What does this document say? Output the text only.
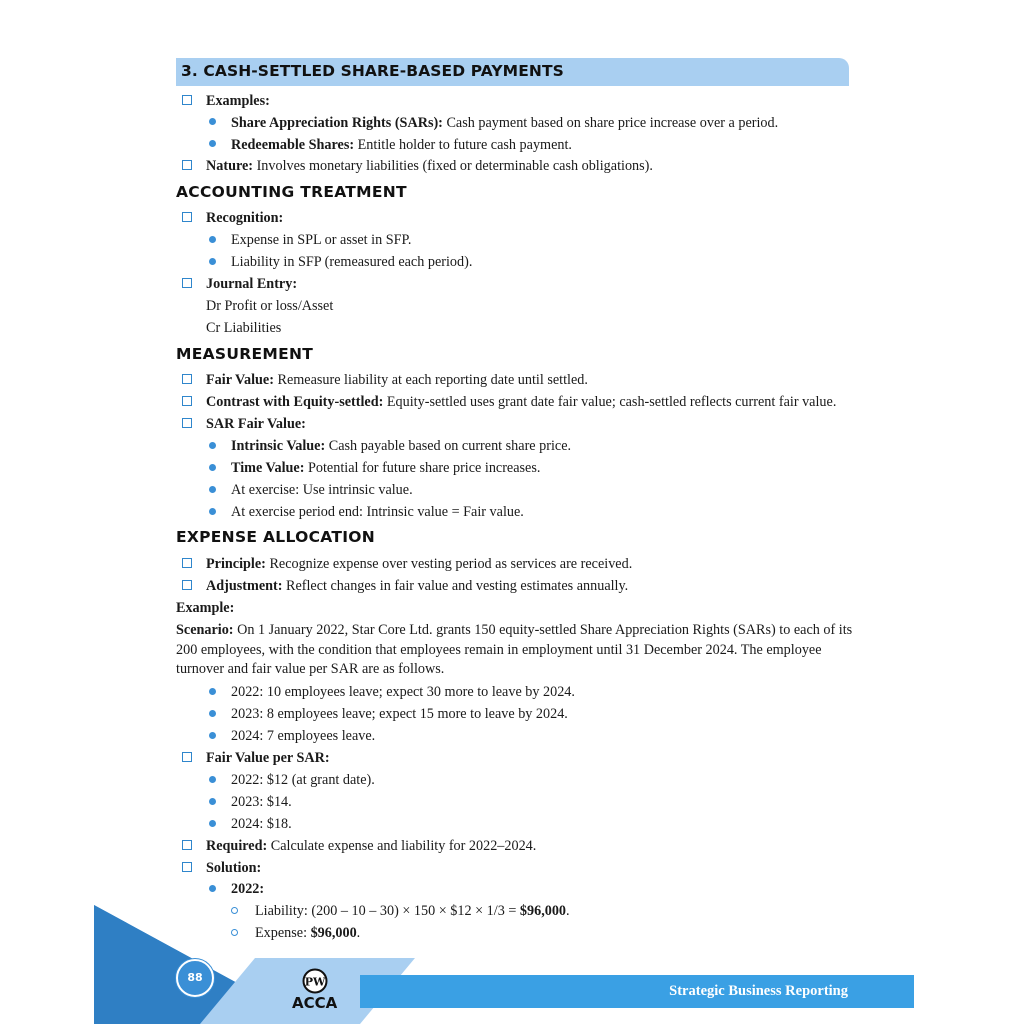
3. CASH-SETTLED SHARE-BASED PAYMENTS
Examples:
Share Appreciation Rights (SARs): Cash payment based on share price increase over a period.
Redeemable Shares: Entitle holder to future cash payment.
Nature: Involves monetary liabilities (fixed or determinable cash obligations).
ACCOUNTING TREATMENT
Recognition:
Expense in SPL or asset in SFP.
Liability in SFP (remeasured each period).
Journal Entry:
Dr Profit or loss/Asset
Cr Liabilities
MEASUREMENT
Fair Value: Remeasure liability at each reporting date until settled.
Contrast with Equity-settled: Equity-settled uses grant date fair value; cash-settled reflects current fair value.
SAR Fair Value:
Intrinsic Value: Cash payable based on current share price.
Time Value: Potential for future share price increases.
At exercise: Use intrinsic value.
At exercise period end: Intrinsic value = Fair value.
EXPENSE ALLOCATION
Principle: Recognize expense over vesting period as services are received.
Adjustment: Reflect changes in fair value and vesting estimates annually.
Example:
Scenario: On 1 January 2022, Star Core Ltd. grants 150 equity-settled Share Appreciation Rights (SARs) to each of its 200 employees, with the condition that employees remain in employment until 31 December 2024. The employee turnover and fair value per SAR are as follows.
2022: 10 employees leave; expect 30 more to leave by 2024.
2023: 8 employees leave; expect 15 more to leave by 2024.
2024: 7 employees leave.
Fair Value per SAR:
2022: $12 (at grant date).
2023: $14.
2024: $18.
Required: Calculate expense and liability for 2022–2024.
Solution:
2022:
Liability: (200 – 10 – 30) × 150 × $12 × 1/3 = $96,000.
Expense: $96,000.
88	PW
ACCA
Strategic Business Reporting
